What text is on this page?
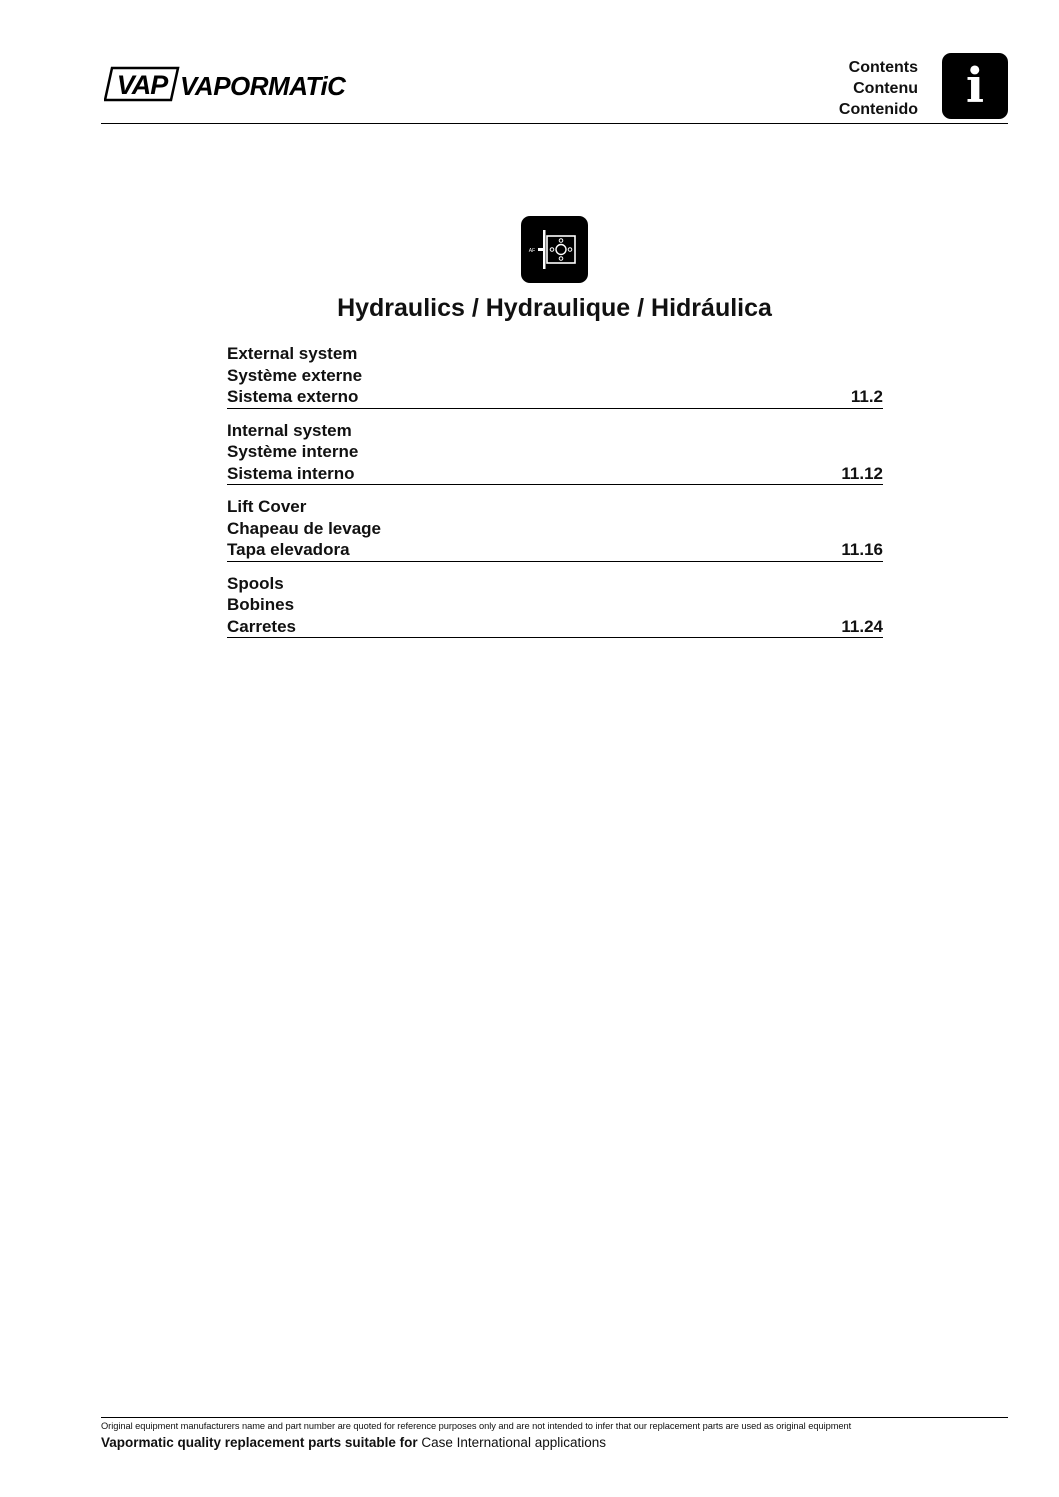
VAP VAPORMATiC
Contents
Contenu
Contenido i
AF
Hydraulics / Hydraulique / Hidráulica
External system
Système externe
Sistema externo	11.2
Internal system
Système interne
Sistema interno	11.12
Lift Cover
Chapeau de levage
Tapa elevadora	11.16
Spools
Bobines
Carretes	11.24
Original equipment manufacturers name and part number are quoted for reference purposes only and are not intended to infer that our replacement parts are used as original equipment
Vapormatic quality replacement parts suitable for Case International applications
